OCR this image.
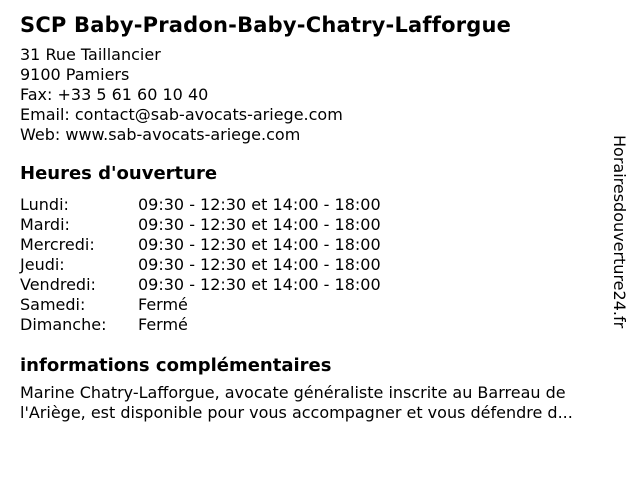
SCP Baby-Pradon-Baby-Chatry-Lafforgue
31 Rue Taillancier
9100 Pamiers
Fax: +33 5 61 60 10 40
Email: contact@sab-avocats-ariege.com
Web: www.sab-avocats-ariege.com
Heures d'ouverture
Lundi:	09:30 - 12:30 et 14:00 - 18:00
Mardi:	09:30 - 12:30 et 14:00 - 18:00
Mercredi:	09:30 - 12:30 et 14:00 - 18:00
Jeudi:	09:30 - 12:30 et 14:00 - 18:00
Vendredi:	09:30 - 12:30 et 14:00 - 18:00
Samedi:	Fermé
Dimanche:	Fermé
informations complémentaires
Marine Chatry-Lafforgue, avocate généraliste inscrite au Barreau de
l'Ariège, est disponible pour vous accompagner et vous défendre d...
Horairesdouverture24.fr
